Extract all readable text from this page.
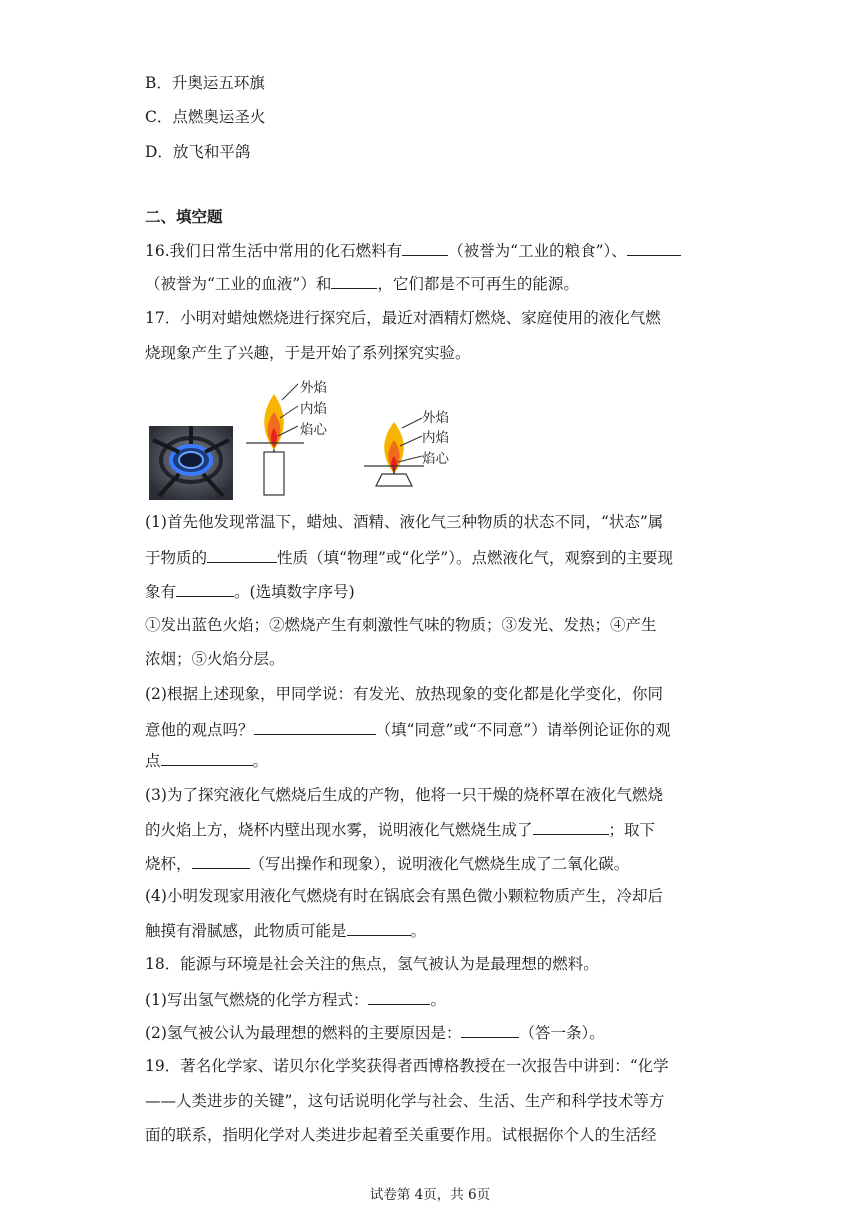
B．升奥运五环旗
C．点燃奥运圣火
D．放飞和平鸽
二、填空题
16.我们日常生活中常用的化石燃料有	（被誉为“工业的粮食”）、
（被誉为“工业的血液”）和	，它们都是不可再生的能源。
17．小明对蜡烛燃烧进行探究后，最近对酒精灯燃烧、家庭使用的液化气燃
烧现象产生了兴趣，于是开始了系列探究实验。
外焰
内焰
焰心
外焰
内焰
焰心
(1)首先他发现常温下，蜡烛、酒精、液化气三种物质的状态不同，“状态”属
于物质的	性质（填“物理”或“化学”）。点燃液化气，观察到的主要现
象有	。(选填数字序号)
①发出蓝色火焰；②燃烧产生有刺激性气味的物质；③发光、发热；④产生
浓烟；⑤火焰分层。
(2)根据上述现象，甲同学说：有发光、放热现象的变化都是化学变化，你同
意他的观点吗？	（填“同意”或“不同意”）请举例论证你的观
点	。
(3)为了探究液化气燃烧后生成的产物，他将一只干燥的烧杯罩在液化气燃烧
的火焰上方，烧杯内壁出现水雾，说明液化气燃烧生成了	；取下
烧杯，	（写出操作和现象），说明液化气燃烧生成了二氧化碳。
(4)小明发现家用液化气燃烧有时在锅底会有黑色微小颗粒物质产生，冷却后
触摸有滑腻感，此物质可能是	。
18．能源与环境是社会关注的焦点，氢气被认为是最理想的燃料。
(1)写出氢气燃烧的化学方程式：	。
(2)氢气被公认为最理想的燃料的主要原因是：	（答一条）。
19．著名化学家、诺贝尔化学奖获得者西博格教授在一次报告中讲到：“化学
——人类进步的关键”，这句话说明化学与社会、生活、生产和科学技术等方
面的联系，指明化学对人类进步起着至关重要作用。试根据你个人的生活经
试卷第 4页，共 6页
